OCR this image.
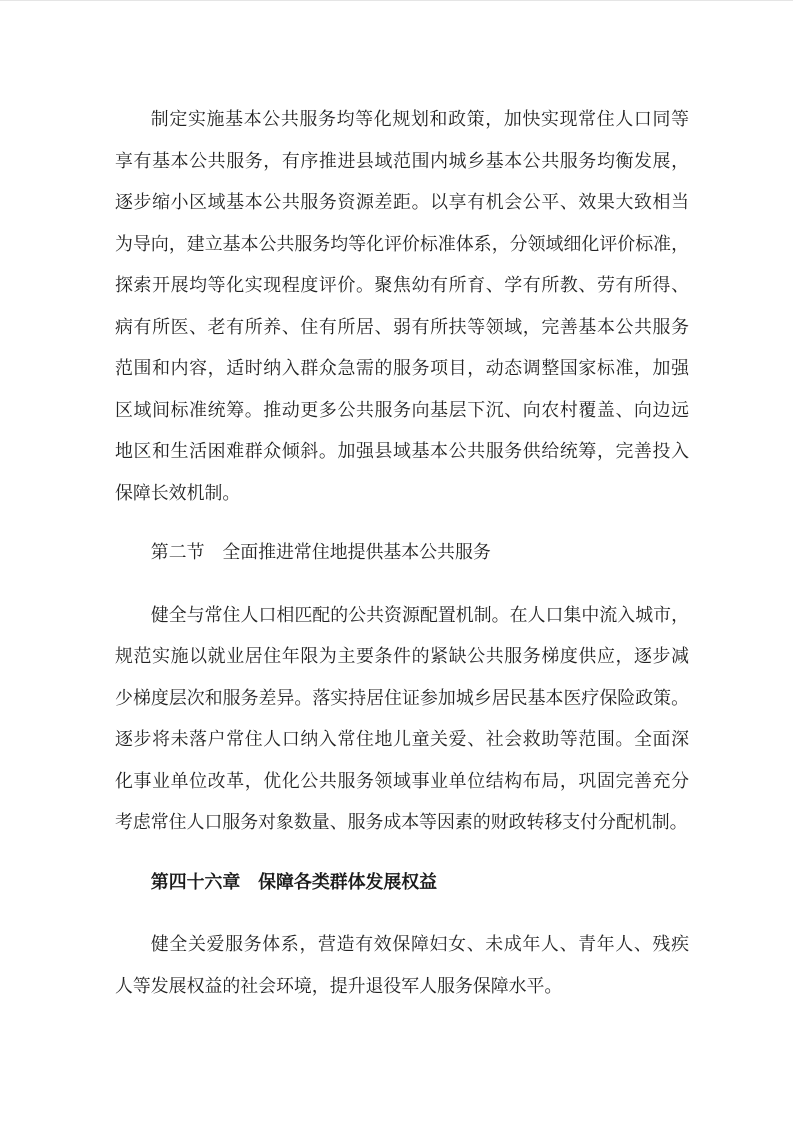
制定实施基本公共服务均等化规划和政策，加快实现常住人口同等
享有基本公共服务，有序推进县域范围内城乡基本公共服务均衡发展，
逐步缩小区域基本公共服务资源差距。以享有机会公平、效果大致相当
为导向，建立基本公共服务均等化评价标准体系，分领域细化评价标准，
探索开展均等化实现程度评价。聚焦幼有所育、学有所教、劳有所得、
病有所医、老有所养、住有所居、弱有所扶等领域，完善基本公共服务
范围和内容，适时纳入群众急需的服务项目，动态调整国家标准，加强
区域间标准统筹。推动更多公共服务向基层下沉、向农村覆盖、向边远
地区和生活困难群众倾斜。加强县域基本公共服务供给统筹，完善投入
保障长效机制。
第二节　全面推进常住地提供基本公共服务
健全与常住人口相匹配的公共资源配置机制。在人口集中流入城市，
规范实施以就业居住年限为主要条件的紧缺公共服务梯度供应，逐步减
少梯度层次和服务差异。落实持居住证参加城乡居民基本医疗保险政策。
逐步将未落户常住人口纳入常住地儿童关爱、社会救助等范围。全面深
化事业单位改革，优化公共服务领域事业单位结构布局，巩固完善充分
考虑常住人口服务对象数量、服务成本等因素的财政转移支付分配机制。
第四十六章　保障各类群体发展权益
健全关爱服务体系，营造有效保障妇女、未成年人、青年人、残疾
人等发展权益的社会环境，提升退役军人服务保障水平。
